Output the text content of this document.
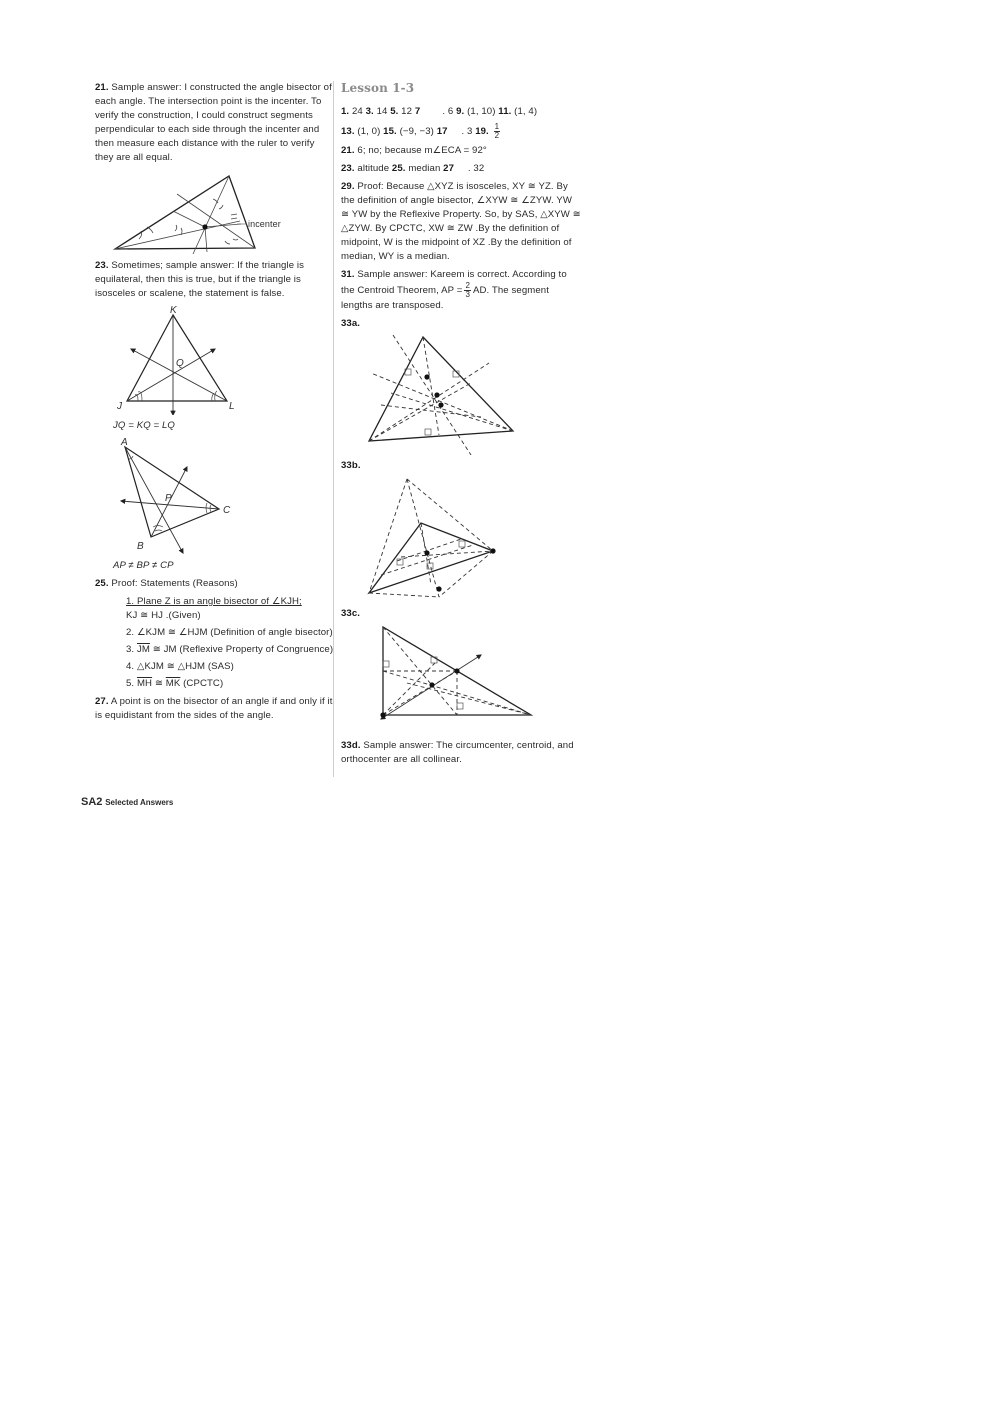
21. Sample answer: I constructed the angle bisector of each angle. The intersection point is the incenter. To verify the construction, I could construct segments perpendicular to each side through the incenter and then measure each distance with the ruler to verify they are all equal.

incenter

23. Sometimes; sample answer: If the triangle is equilateral, then this is true, but if the triangle is isosceles or scalene, the statement is false.

K
Q
J	L
JQ = KQ = LQ
A
P
C
B
AP ≠ BP ≠ CP

25. Proof: Statements (Reasons)

1. Plane Z is an angle bisector of ∠KJH;
KJ ≅ HJ .(Given)
2. ∠KJM ≅ ∠HJM (Definition of angle bisector)
3. $\overline{JM}$ ≅ JM (Reflexive Property of Congruence)
4. △KJM ≅ △HJM (SAS)
5. $\overline{MH}$ ≅ $\overline{MK}$ (CPCTC)

27. A point is on the bisector of an angle if and only if it is equidistant from the sides of the angle.

Lesson 1-3

1. 24 3. 14 5. 12 7        . 6 9. (1, 10) 11. (1, 4)

13. (1, 0) 15. (−9, −3) 17     . 3 19. $\frac{1}{2}$

21. 6; no; because m∠ECA = 92°

23. altitude 25. median 27     . 32

29. Proof: Because △XYZ is isosceles, XY ≅ YZ. By the definition of angle bisector, ∠XYW ≅ ∠ZYW. YW ≅ YW by the Reflexive Property. So, by SAS, △XYW ≅ △ZYW. By CPCTC, XW ≅ ZW .By the definition of midpoint, W is the midpoint of XZ .By the definition of median, WY is a median.

31. Sample answer: Kareem is correct. According to the Centroid Theorem, AP = $\frac{2}{3}$ AD. The segment lengths are transposed.

33a.
33b.
33c.

33d. Sample answer: The circumcenter, centroid, and orthocenter are all collinear.

SA2 Selected Answers
